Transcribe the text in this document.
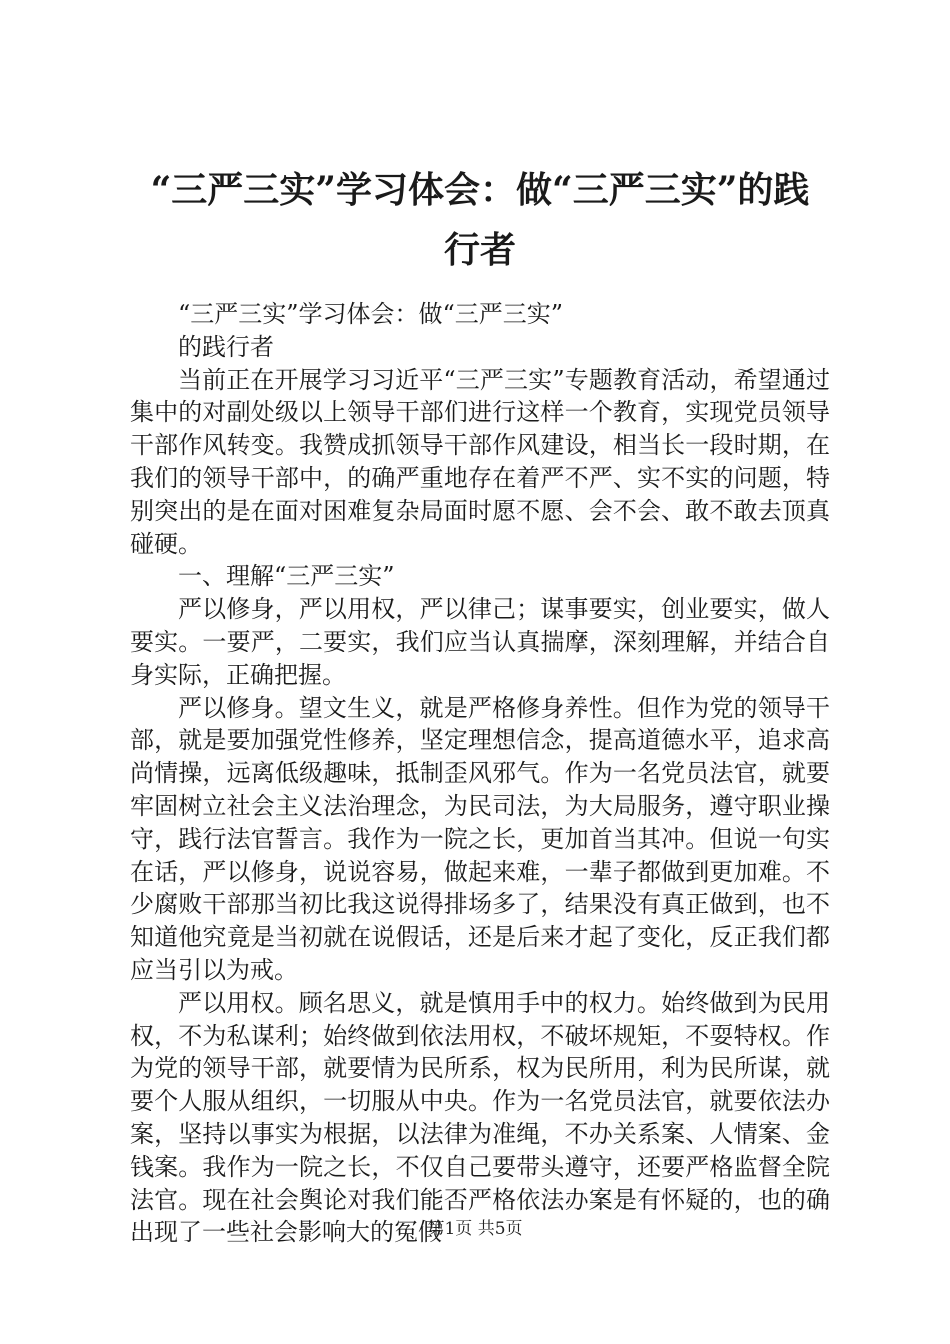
“三严三实”学习体会：做“三严三实”的践
行者

“三严三实”学习体会：做“三严三实”

的践行者

当前正在开展学习习近平“三严三实”专题教育活动，希望通过集中的对副处级以上领导干部们进行这样一个教育，实现党员领导干部作风转变。我赞成抓领导干部作风建设，相当长一段时期，在我们的领导干部中，的确严重地存在着严不严、实不实的问题，特别突出的是在面对困难复杂局面时愿不愿、会不会、敢不敢去顶真碰硬。

一、理解“三严三实”

严以修身，严以用权，严以律己；谋事要实，创业要实，做人要实。一要严，二要实，我们应当认真揣摩，深刻理解，并结合自身实际，正确把握。

严以修身。望文生义，就是严格修身养性。但作为党的领导干部，就是要加强党性修养，坚定理想信念，提高道德水平，追求高尚情操，远离低级趣味，抵制歪风邪气。作为一名党员法官，就要牢固树立社会主义法治理念，为民司法，为大局服务，遵守职业操守，践行法官誓言。我作为一院之长，更加首当其冲。但说一句实在话，严以修身，说说容易，做起来难，一辈子都做到更加难。不少腐败干部那当初比我这说得排场多了，结果没有真正做到，也不知道他究竟是当初就在说假话，还是后来才起了变化，反正我们都应当引以为戒。

严以用权。顾名思义，就是慎用手中的权力。始终做到为民用权，不为私谋利；始终做到依法用权，不破坏规矩，不耍特权。作为党的领导干部，就要情为民所系，权为民所用，利为民所谋，就要个人服从组织，一切服从中央。作为一名党员法官，就要依法办案，坚持以事实为根据，以法律为准绳，不办关系案、人情案、金钱案。我作为一院之长，不仅自己要带头遵守，还要严格监督全院法官。现在社会舆论对我们能否严格依法办案是有怀疑的，也的确出现了一些社会影响大的冤假

第1页 共5页
